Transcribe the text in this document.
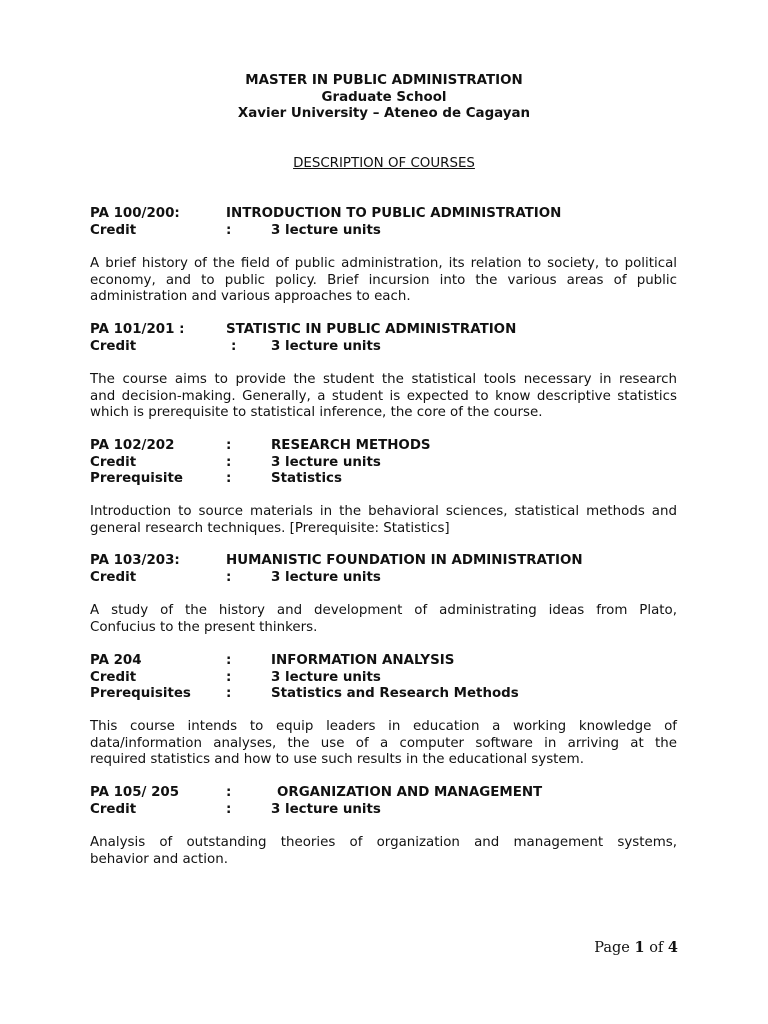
MASTER IN PUBLIC ADMINISTRATION
Graduate School
Xavier University – Ateneo de Cagayan
DESCRIPTION OF COURSES
PA 100/200:	INTRODUCTION TO PUBLIC ADMINISTRATION
Credit	:	3 lecture units
A brief history of the field of public administration, its relation to society, to political
economy, and to public policy. Brief incursion into the various areas of public
administration and various approaches to each.
PA 101/201 :	STATISTIC IN PUBLIC ADMINISTRATION
Credit	:	3 lecture units
The course aims to provide the student the statistical tools necessary in research
and decision-making. Generally, a student is expected to know descriptive statistics
which is prerequisite to statistical inference, the core of the course.
PA 102/202	:	RESEARCH METHODS
Credit	:	3 lecture units
Prerequisite	:	Statistics
Introduction to source materials in the behavioral sciences, statistical methods and
general research techniques. [Prerequisite: Statistics]
PA 103/203:	HUMANISTIC FOUNDATION IN ADMINISTRATION
Credit	:	3 lecture units
A study of the history and development of administrating ideas from Plato,
Confucius to the present thinkers.
PA 204	:	INFORMATION ANALYSIS
Credit	:	3 lecture units
Prerequisites	:	Statistics and Research Methods
This course intends to equip leaders in education a working knowledge of
data/information analyses, the use of a computer software in arriving at the
required statistics and how to use such results in the educational system.
PA 105/ 205	:	ORGANIZATION AND MANAGEMENT
Credit	:	3 lecture units
Analysis of outstanding theories of organization and management systems,
behavior and action.
Page 1 of 4
